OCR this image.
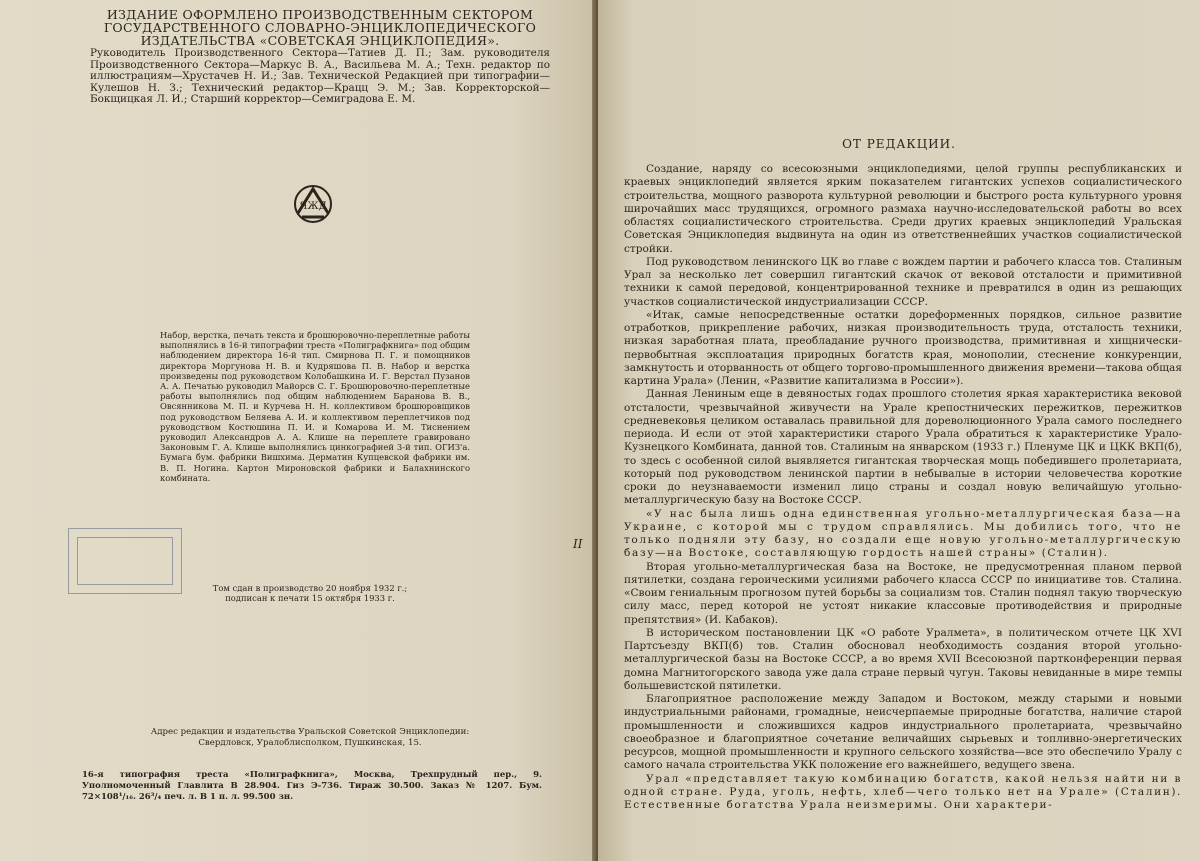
ИЗДАНИЕ ОФОРМЛЕНО ПРОИЗВОДСТВЕННЫМ СЕКТОРОМ ГОСУДАРСТВЕННОГО СЛОВАРНО-ЭНЦИКЛОПЕДИЧЕСКОГО ИЗДАТЕЛЬСТВА «СОВЕТСКАЯ ЭНЦИКЛОПЕДИЯ».
Руководитель Производственного Сектора—Татиев Д. П.; Зам. руководителя Производственного Сектора—Маркус В. А., Васильева М. А.; Техн. редактор по иллюстрациям—Хрустачев Н. И.; Зав. Технической Редакцией при типографии—Кулешов Н. З.; Технический редактор—Крацц Э. М.; Зав. Корректорской—Бокщицкая Л. И.; Старший корректор—Семиградова Е. М.
ЯЖД
Набор, верстка, печать текста и брошюровочно-переплетные работы выполнялись в 16-й типографии треста «Полиграфкнига» под общим наблюдением директора 16-й тип. Смирнова П. Г. и помощников директора Моргунова Н. В. и Кудряшова П. В. Набор и верстка произведены под руководством Колобашкина И. Г. Верстал Пузанов А. А. Печатью руководил Майорсв С. Г. Брошюровочно-переплетные работы выполнялись под общим наблюдением Баранова В. В., Овсянникова М. П. и Курчева Н. Н. коллективом брошюровщиков под руководством Беляева А. И. и коллективом переплетчиков под руководством Костюшина П. И. и Комарова И. М. Тиснением руководил Александров А. А. Клише на переплете гравировано Законовым Г. А. Клише выполнялись цинкографией 3-й тип. ОГИЗ'а. Бумага бум. фабрики Вишхима. Дерматин Купцевской фабрики им. В. П. Ногина. Картон Мироновской фабрики и Балахнинского комбината.
Том сдан в производство 20 ноября 1932 г.; подписан к печати 15 октября 1933 г.
Адрес редакции и издательства Уральской Советской Энциклопедии: Свердловск, Уралоблисполком, Пушкинская, 15.
16-я типография треста «Полиграфкнига», Москва, Трехпрудный пер., 9. Уполномоченный Главлита В 28.904. Гиз Э-736. Тираж 30.500. Заказ № 1207. Бум. 72×108¹/₁₆. 26³/₄ печ. л. В 1 п. л. 99.500 зн.
II
ОТ РЕДАКЦИИ.

Создание, наряду со всесоюзными энциклопедиями, целой группы республиканских и краевых энциклопедий является ярким показателем гигантских успехов социалистического строительства, мощного разворота культурной революции и быстрого роста культурного уровня широчайших масс трудящихся, огромного размаха научно-исследовательской работы во всех областях социалистического строительства. Среди других краевых энциклопедий Уральская Советская Энциклопедия выдвинута на один из ответственнейших участков социалистической стройки.

Под руководством ленинского ЦК во главе с вождем партии и рабочего класса тов. Сталиным Урал за несколько лет совершил гигантский скачок от вековой отсталости и примитивной техники к самой передовой, концентрированной технике и превратился в один из решающих участков социалистической индустриализации СССР.

«Итак, самые непосредственные остатки дореформенных порядков, сильное развитие отработков, прикрепление рабочих, низкая производительность труда, отсталость техники, низкая заработная плата, преобладание ручного производства, примитивная и хищнически-первобытная эксплоатация природных богатств края, монополии, стеснение конкуренции, замкнутость и оторванность от общего торгово-промышленного движения времени—такова общая картина Урала» (Ленин, «Развитие капитализма в России»).

Данная Лениным еще в девяностых годах прошлого столетия яркая характеристика вековой отсталости, чрезвычайной живучести на Урале крепостнических пережитков, пережитков средневековья целиком оставалась правильной для дореволюционного Урала самого последнего периода. И если от этой характеристики старого Урала обратиться к характеристике Урало-Кузнецкого Комбината, данной тов. Сталиным на январском (1933 г.) Пленуме ЦК и ЦКК ВКП(б), то здесь с особенной силой выявляется гигантская творческая мощь победившего пролетариата, который под руководством ленинской партии в небывалые в истории человечества короткие сроки до неузнаваемости изменил лицо страны и создал новую величайшую угольно-металлургическую базу на Востоке СССР.

«У нас была лишь одна единственная угольно-металлургическая база—на Украине, с которой мы с трудом справлялись. Мы добились того, что не только подняли эту базу, но создали еще новую угольно-металлургическую базу—на Востоке, составляющую гордость нашей страны» (Сталин).

Вторая угольно-металлургическая база на Востоке, не предусмотренная планом первой пятилетки, создана героическими усилиями рабочего класса СССР по инициативе тов. Сталина. «Своим гениальным прогнозом путей борьбы за социализм тов. Сталин поднял такую творческую силу масс, перед которой не устоят никакие классовые противодействия и природные препятствия» (И. Кабаков).

В историческом постановлении ЦК «О работе Уралмета», в политическом отчете ЦК XVI Партсъезду ВКП(б) тов. Сталин обосновал необходимость создания второй угольно-металлургической базы на Востоке СССР, а во время XVII Всесоюзной партконференции первая домна Магнитогорского завода уже дала стране первый чугун. Таковы невиданные в мире темпы большевистской пятилетки.

Благоприятное расположение между Западом и Востоком, между старыми и новыми индустриальными районами, громадные, неисчерпаемые природные богатства, наличие старой промышленности и сложившихся кадров индустриального пролетариата, чрезвычайно своеобразное и благоприятное сочетание величайших сырьевых и топливно-энергетических ресурсов, мощной промышленности и крупного сельского хозяйства—все это обеспечило Уралу с самого начала строительства УКК положение его важнейшего, ведущего звена.

Урал «представляет такую комбинацию богатств, какой нельзя найти ни в одной стране. Руда, уголь, нефть, хлеб—чего только нет на Урале» (Сталин). Естественные богатства Урала неизмеримы. Они характери-
